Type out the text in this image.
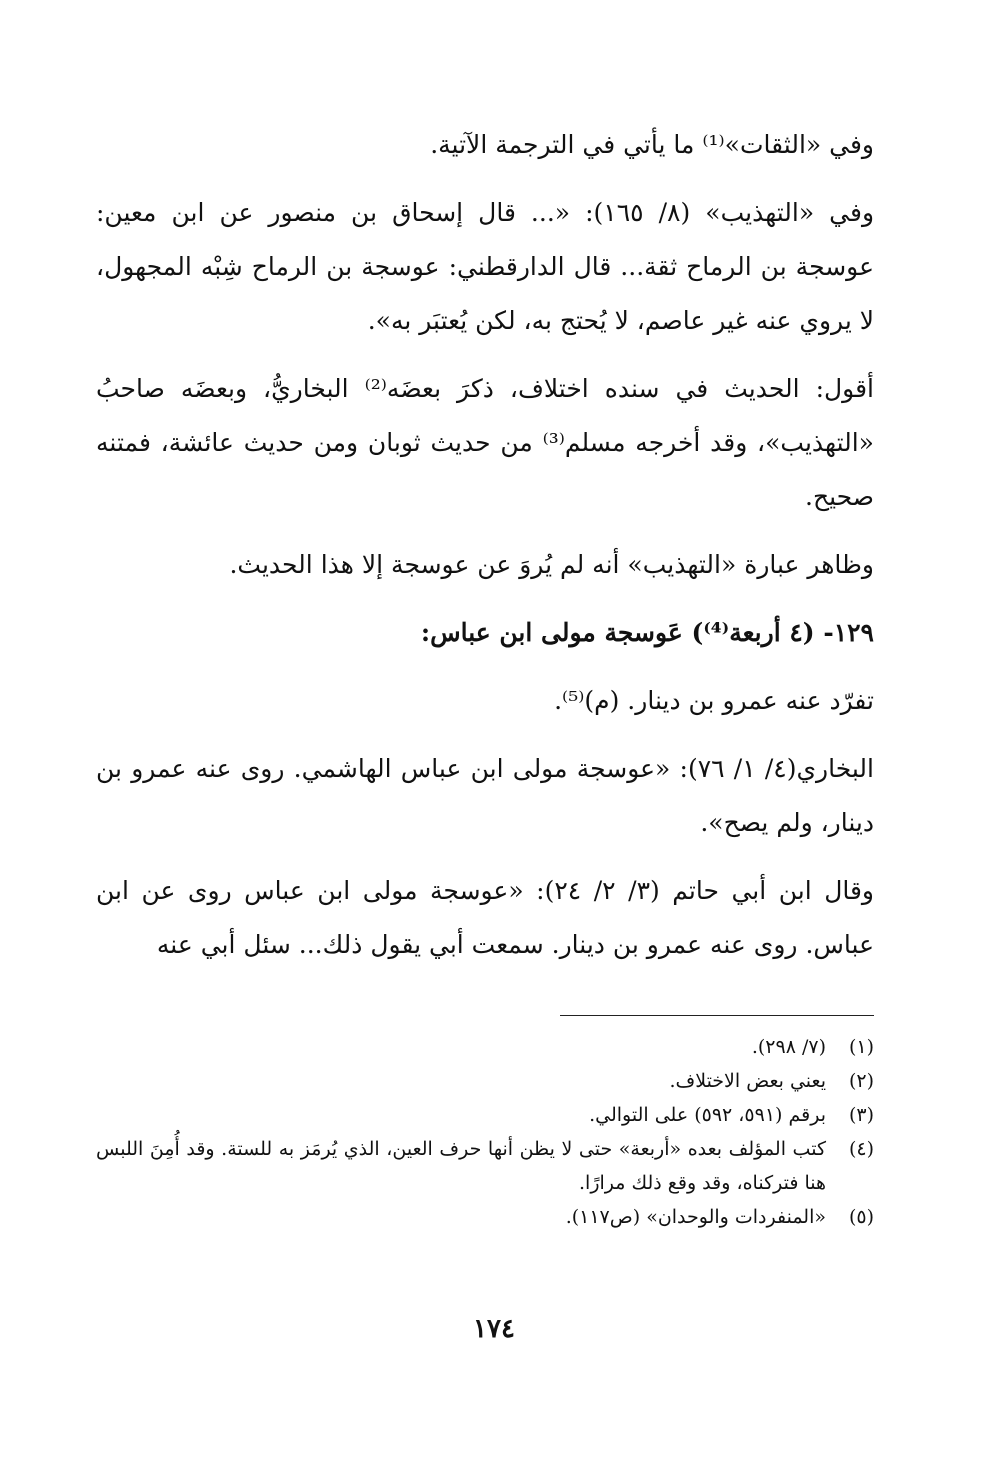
وفي «الثقات»⁽¹⁾ ما يأتي في الترجمة الآتية.

وفي «التهذيب» (٨/ ١٦٥): «... قال إسحاق بن منصور عن ابن معين: عوسجة بن الرماح ثقة... قال الدارقطني: عوسجة بن الرماح شِبْه المجهول، لا يروي عنه غير عاصم، لا يُحتج به، لكن يُعتبَر به».

أقول: الحديث في سنده اختلاف، ذكرَ بعضَه⁽²⁾ البخاريُّ، وبعضَه صاحبُ «التهذيب»، وقد أخرجه مسلم⁽³⁾ من حديث ثوبان ومن حديث عائشة، فمتنه صحيح.

وظاهر عبارة «التهذيب» أنه لم يُروَ عن عوسجة إلا هذا الحديث.

١٢٩- (٤ أربعة⁽⁴⁾) عَوسجة مولى ابن عباس:

تفرّد عنه عمرو بن دينار. (م)⁽⁵⁾.

البخاري(٤/ ١/ ٧٦): «عوسجة مولى ابن عباس الهاشمي. روى عنه عمرو بن دينار، ولم يصح».

وقال ابن أبي حاتم (٣/ ٢/ ٢٤): «عوسجة مولى ابن عباس روى عن ابن عباس. روى عنه عمرو بن دينار. سمعت أبي يقول ذلك... سئل أبي عنه

(١)
(٧/ ٢٩٨).
(٢)
يعني بعض الاختلاف.
(٣)
برقم (٥٩١، ٥٩٢) على التوالي.
(٤)
كتب المؤلف بعده «أربعة» حتى لا يظن أنها حرف العين، الذي يُرمَز به للستة. وقد أُمِنَ اللبس هنا فتركناه، وقد وقع ذلك مرارًا.
(٥)
«المنفردات والوحدان» (ص١١٧).
١٧٤
